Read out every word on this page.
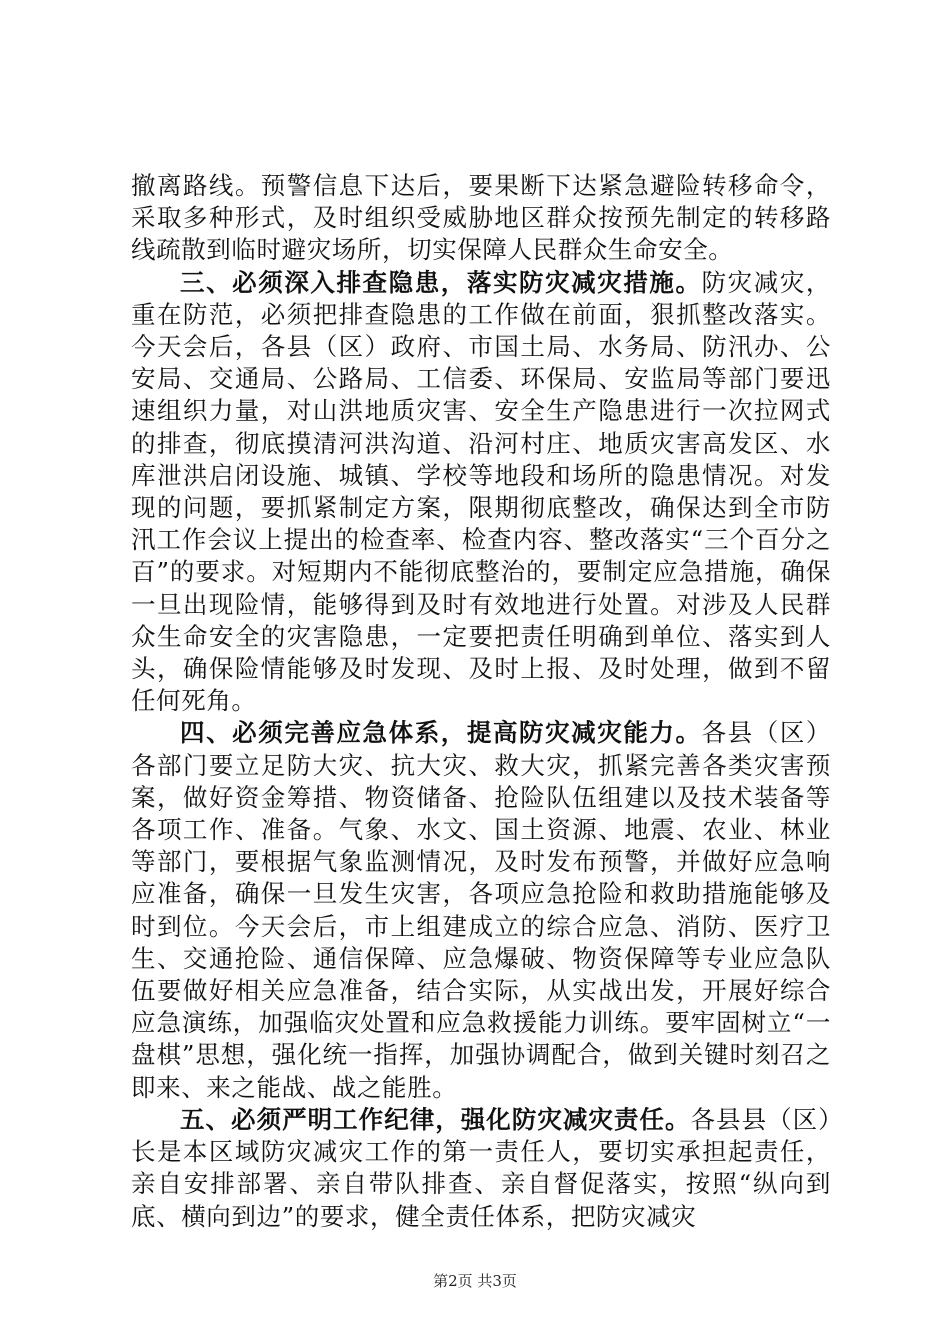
撤离路线。预警信息下达后，要果断下达紧急避险转移命令，采取多种形式，及时组织受威胁地区群众按预先制定的转移路线疏散到临时避灾场所，切实保障人民群众生命安全。

三、必须深入排查隐患，落实防灾减灾措施。防灾减灾，重在防范，必须把排查隐患的工作做在前面，狠抓整改落实。今天会后，各县（区）政府、市国土局、水务局、防汛办、公安局、交通局、公路局、工信委、环保局、安监局等部门要迅速组织力量，对山洪地质灾害、安全生产隐患进行一次拉网式的排查，彻底摸清河洪沟道、沿河村庄、地质灾害高发区、水库泄洪启闭设施、城镇、学校等地段和场所的隐患情况。对发现的问题，要抓紧制定方案，限期彻底整改，确保达到全市防汛工作会议上提出的检查率、检查内容、整改落实“三个百分之百”的要求。对短期内不能彻底整治的，要制定应急措施，确保一旦出现险情，能够得到及时有效地进行处置。对涉及人民群众生命安全的灾害隐患，一定要把责任明确到单位、落实到人头，确保险情能够及时发现、及时上报、及时处理，做到不留任何死角。

四、必须完善应急体系，提高防灾减灾能力。各县（区）各部门要立足防大灾、抗大灾、救大灾，抓紧完善各类灾害预案，做好资金筹措、物资储备、抢险队伍组建以及技术装备等各项工作、准备。气象、水文、国土资源、地震、农业、林业等部门，要根据气象监测情况，及时发布预警，并做好应急响应准备，确保一旦发生灾害，各项应急抢险和救助措施能够及时到位。今天会后，市上组建成立的综合应急、消防、医疗卫生、交通抢险、通信保障、应急爆破、物资保障等专业应急队伍要做好相关应急准备，结合实际，从实战出发，开展好综合应急演练，加强临灾处置和应急救援能力训练。要牢固树立“一盘棋”思想，强化统一指挥，加强协调配合，做到关键时刻召之即来、来之能战、战之能胜。

五、必须严明工作纪律，强化防灾减灾责任。各县县（区）长是本区域防灾减灾工作的第一责任人，要切实承担起责任，亲自安排部署、亲自带队排查、亲自督促落实，按照“纵向到底、横向到边”的要求，健全责任体系，把防灾减灾

第2页 共3页
